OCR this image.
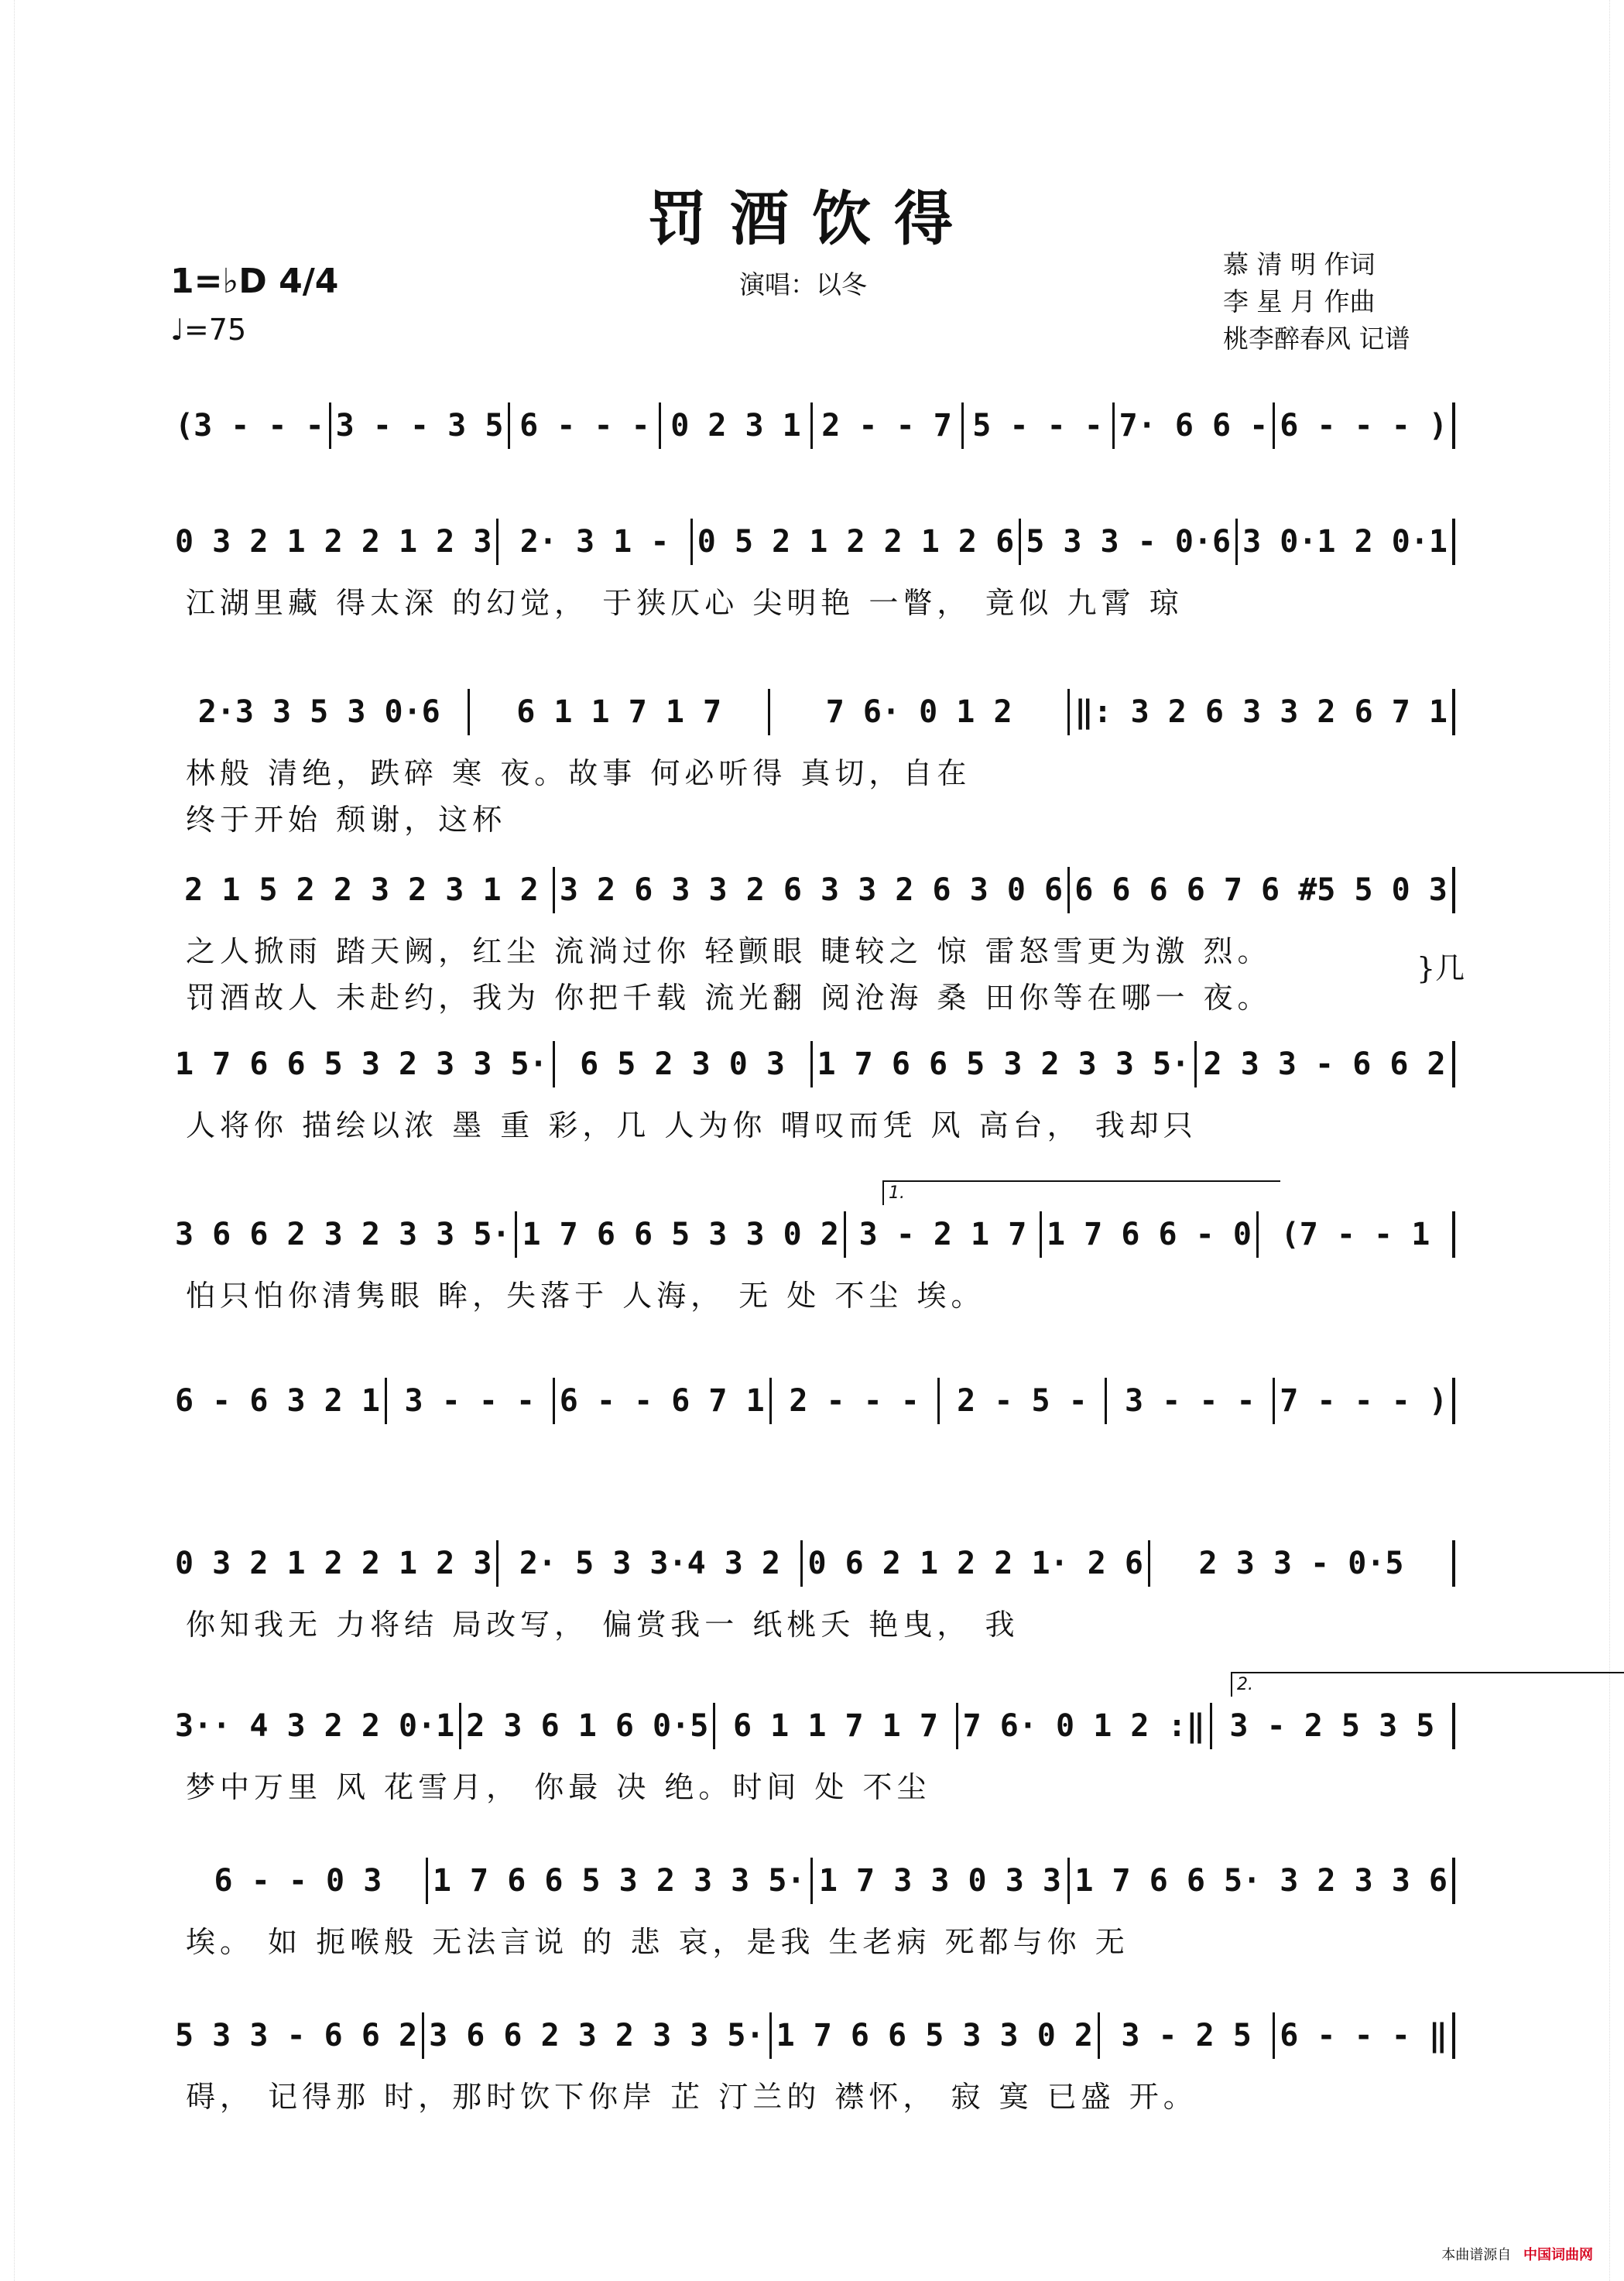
罚酒饮得
1=♭D 4/4
♩=75
演唱：以冬
慕 清 明 作词
李 星 月 作曲
桃李醉春风 记谱
(3 - - - 3 - - 3 5 6 - - - 0 2 3 1 2 - - 7 5 - - - 7· 6 6 - 6 - - - )
0 3 2 1 2 2 1 2 3 2· 3 1 - 0 5 2 1 2 2 1 2 6 5 3 3 - 0·6 3 0·1 2 0·1
江湖里藏 得太深 的幻觉， 于狭仄心 尖明艳 一瞥， 竟似 九霄 琼
2·3 3 5 3 0·6	6 1 1 7 1 7	7 6· 0 1 2	‖: 3 2 6 3 3 2 6 7 1
林般 清绝，跌碎 寒 夜。故事 何必听得 真切，自在
终于开始 颓谢，这杯
2 1 5 2 2 3 2 3 1 2 3 2 6 3 3 2 6 3 3 2 6 3 0 6 6 6 6 6 7 6 #5 5 0 3
之人掀雨 踏天阙，红尘 流淌过你 轻颤眼 睫较之 惊 雷怒雪更为激 烈。
罚酒故人 未赴约，我为 你把千载 流光翻 阅沧海 桑 田你等在哪一 夜。
}几
1 7 6 6 5 3 2 3 3 5·	6 5 2 3 0 3	1 7 6 6 5 3 2 3 3 5· 2 3 3 - 6 6 2
人将你 描绘以浓 墨 重 彩，几 人为你 喟叹而凭 风 高台， 我却只
1.
3 6 6 2 3 2 3 3 5· 1 7 6 6 5 3 3 0 2 3 - 2 1 7 1 7 6 6 - 0 (7 - - 1
怕只怕你清隽眼 眸，失落于 人海， 无 处 不尘 埃。
6 - 6 3 2 1 3 - - - 6 - - 6 7 1 2 - - -	2 - 5 -	3 - - - 7 - - - )
0 3 2 1 2 2 1 2 3 2· 5 3 3·4 3 2 0 6 2 1 2 2 1· 2 6	2 3 3 - 0·5
你知我无 力将结 局改写， 偏赏我一 纸桃夭 艳曳， 我
2.
3·· 4 3 2 2 0·1 2 3 6 1 6 0·5 6 1 1 7 1 7 7 6· 0 1 2 :‖ 3 - 2 5 3 5
梦中万里 风 花雪月， 你最 决 绝。时间 处 不尘
6 - - 0 3	1 7 6 6 5 3 2 3 3 5· 1 7 3 3 0 3 3 1 7 6 6 5· 3 2 3 3 6
埃。 如 扼喉般 无法言说 的 悲 哀，是我 生老病 死都与你 无
5 3 3 - 6 6 2 3 6 6 2 3 2 3 3 5· 1 7 6 6 5 3 3 0 2 3 - 2 5 6 - - - ‖
碍， 记得那 时，那时饮下你岸 芷 汀兰的 襟怀， 寂 寞 已盛 开。
本曲谱源自 中国词曲网
